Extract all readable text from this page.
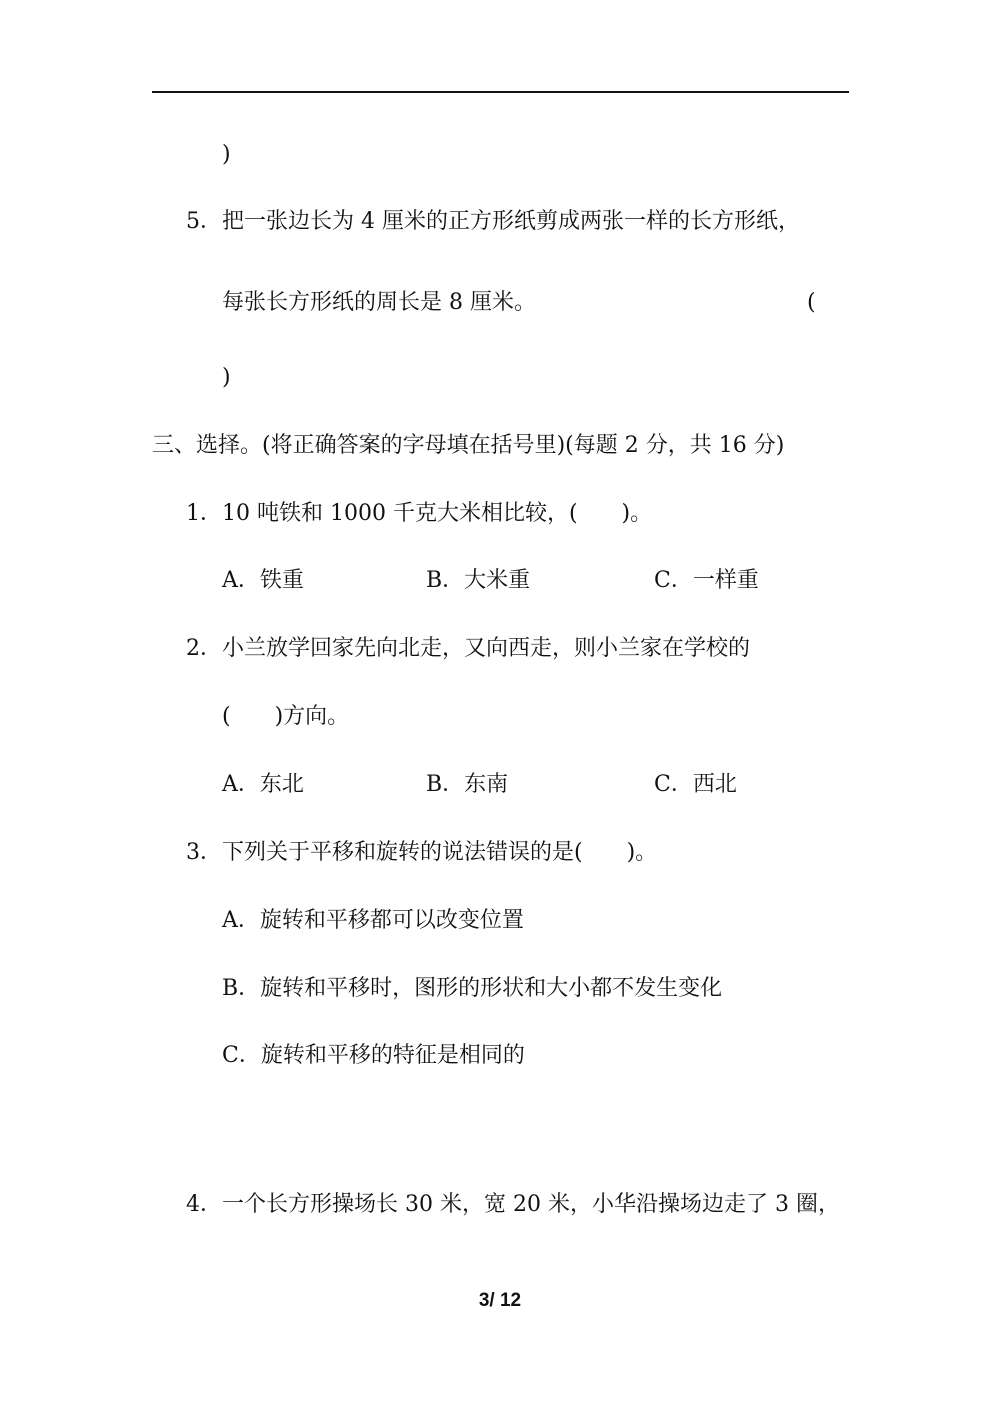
)
5．把一张边长为 4 厘米的正方形纸剪成两张一样的长方形纸，
每张长方形纸的周长是 8 厘米。	(
)
三、选择。(将正确答案的字母填在括号里)(每题 2 分，共 16 分)
1．10 吨铁和 1000 千克大米相比较，(　　)。
A．铁重	B．大米重	C．一样重
2．小兰放学回家先向北走，又向西走，则小兰家在学校的
(　　)方向。
A．东北	B．东南	C．西北
3．下列关于平移和旋转的说法错误的是(　　)。
A．旋转和平移都可以改变位置
B．旋转和平移时，图形的形状和大小都不发生变化
C．旋转和平移的特征是相同的
4．一个长方形操场长 30 米，宽 20 米，小华沿操场边走了 3 圈，
3/ 12
